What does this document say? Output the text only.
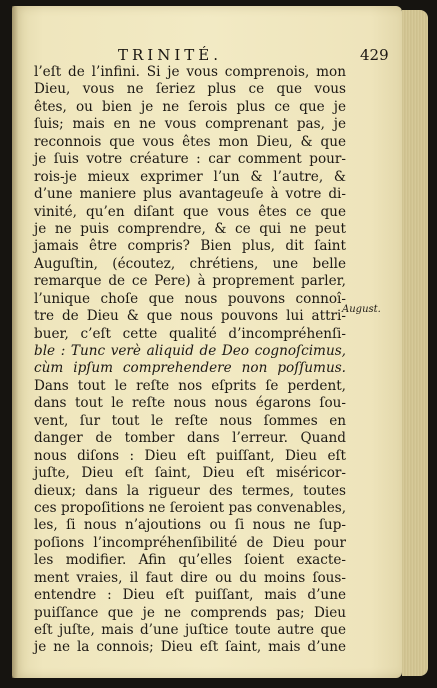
TRINITÉ.	429
l’eſt de l’infini. Si je vous comprenois, mon
Dieu, vous ne ſeriez plus ce que vous
êtes, ou bien je ne ſerois plus ce que je
ſuis; mais en ne vous comprenant pas, je
reconnois que vous êtes mon Dieu, & que
je ſuis votre créature : car comment pour-
rois-je mieux exprimer l’un & l’autre, &
d’une maniere plus avantageuſe à votre di-
vinité, qu’en diſant que vous êtes ce que
je ne puis comprendre, & ce qui ne peut
jamais être compris? Bien plus, dit ſaint
Auguſtin, (écoutez, chrétiens, une belle
remarque de ce Pere) à proprement parler,
l’unique choſe que nous pouvons connoî-
tre de Dieu & que nous pouvons lui attri-
buer, c’eſt cette qualité d’incompréhenſi-
ble : Tunc verè aliquid de Deo cognoſcimus,
cùm ipſum comprehendere non poſſumus.
Dans tout le reſte nos eſprits ſe perdent,
dans tout le reſte nous nous égarons ſou-
vent, ſur tout le reſte nous ſommes en
danger de tomber dans l’erreur. Quand
nous diſons : Dieu eſt puiſſant, Dieu eſt
juſte, Dieu eſt ſaint, Dieu eſt miséricor-
dieux; dans la rigueur des termes, toutes
ces propoſitions ne ſeroient pas convenables,
les, ſi nous n’ajoutions ou ſi nous ne ſup-
poſions l’incompréhenſibilité de Dieu pour
les modifier. Afin qu’elles ſoient exacte-
ment vraies, il faut dire ou du moins ſous-
entendre : Dieu eſt puiſſant, mais d’une
puiſſance que je ne comprends pas; Dieu
eſt juſte, mais d’une juſtice toute autre que
je ne la connois; Dieu eſt ſaint, mais d’une
August.
